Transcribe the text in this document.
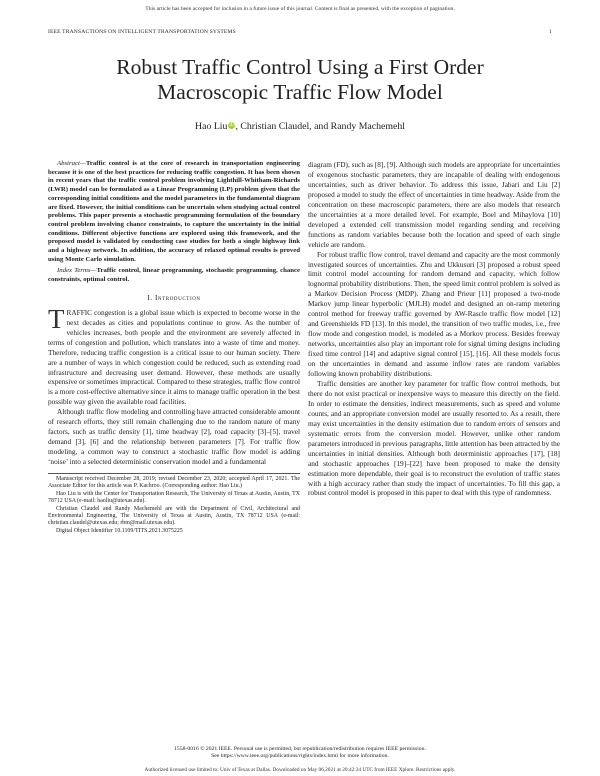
This article has been accepted for inclusion in a future issue of this journal. Content is final as presented, with the exception of pagination.
IEEE TRANSACTIONS ON INTELLIGENT TRANSPORTATION SYSTEMS	1
Robust Traffic Control Using a First Order
Macroscopic Traffic Flow Model
Hao Liu iD, Christian Claudel, and Randy Machemehl

Abstract—Traffic control is at the core of research in transportation engineering because it is one of the best practices for reducing traffic congestion. It has been shown in recent years that the traffic control problem involving Lighthill-Whitham-Richards (LWR) model can be formulated as a Linear Programming (LP) problem given that the corresponding initial conditions and the model parameters in the fundamental diagram are fixed. However, the initial conditions can be uncertain when studying actual control problems. This paper presents a stochastic programming formulation of the boundary control problem involving chance constraints, to capture the uncertainty in the initial conditions. Different objective functions are explored using this framework, and the proposed model is validated by conducting case studies for both a single highway link and a highway network. In addition, the accuracy of relaxed optimal results is proved using Monte Carlo simulation.

Index Terms—Traffic control, linear programming, stochastic programming, chance constraints, optimal control.

I. Introduction

TRAFFIC congestion is a global issue which is expected to become worse in the next decades as cities and populations continue to grow. As the number of vehicles increases, both people and the environment are severely affected in terms of congestion and pollution, which translates into a waste of time and money. Therefore, reducing traffic congestion is a critical issue to our human society. There are a number of ways in which congestion could be reduced, such as extending road infrastructure and decreasing user demand. However, these methods are usually expensive or sometimes impractical. Compared to these strategies, traffic flow control is a more cost-effective alternative since it aims to manage traffic operation in the best possible way given the available road facilities.

Although traffic flow modeling and controlling have attracted considerable amount of research efforts, they still remain challenging due to the random nature of many factors, such as traffic density [1], time headway [2], road capacity [3]–[5], travel demand [3], [6] and the relationship between parameters [7]. For traffic flow modeling, a common way to construct a stochastic traffic flow model is adding ‘noise’ into a selected deterministic conservation model and a fundamental

Manuscript received December 28, 2019; revised December 23, 2020; accepted April 17, 2021. The Associate Editor for this article was P. Kachroo. (Corresponding author: Hao Liu.)

Hao Liu is with the Center for Transportation Research, The University of Texas at Austin, Austin, TX 78712 USA (e-mail: haoliu@utexas.edu).

Christian Claudel and Randy Machemehl are with the Department of Civil, Architectural and Environmental Engineering, The University of Texas at Austin, Austin, TX 78712 USA (e-mail: christian.claudel@utexas.edu; rbm@mail.utexas.edu).

Digital Object Identifier 10.1109/TITS.2021.3075225

diagram (FD), such as [8], [9]. Although such models are appropriate for uncertainties of exogenous stochastic parameters, they are incapable of dealing with endogenous uncertainties, such as driver behavior. To address this issue, Jabari and Liu [2] proposed a model to study the effect of uncertainties in time headway. Aside from the concentration on these macroscopic parameters, there are also models that research the uncertainties at a more detailed level. For example, Boel and Mihaylova [10] developed a extended cell transmission model regarding sending and receiving functions as random variables because both the location and speed of each single vehicle are random.

For robust traffic flow control, travel demand and capacity are the most commonly investigated sources of uncertainties. Zhu and Ukkusuri [3] proposed a robust speed limit control model accounting for random demand and capacity, which follow lognormal probability distributions. Then, the speed limit control problem is solved as a Markov Decision Process (MDP). Zhang and Prieur [11] proposed a two-mode Markov jump linear hyperbolic (MJLH) model and designed an on-ramp metering control method for freeway traffic governed by AW-Rascle traffic flow model [12] and Greenshields FD [13]. In this model, the transition of two traffic modes, i.e., free flow mode and congestion model, is modeled as a Morkov process. Besides freeway networks, uncertainties also play an important role for signal timing designs including fixed time control [14] and adaptive signal control [15], [16]. All these models focus on the uncertainties in demand and assume inflow rates are random variables following known probability distributions.

Traffic densities are another key parameter for traffic flow control methods, but there do not exist practical or inexpensive ways to measure this directly on the field. In order to estimate the densities, indirect measurements, such as speed and volume counts, and an appropriate conversion model are usually resorted to. As a result, there may exist uncertainties in the density estimation due to random errors of sensors and systematic errors from the conversion model. However, unlike other random parameters introduced in previous paragraphs, little attention has been attracted by the uncertainties in initial densities. Although both deterministic approaches [17], [18] and stochastic approaches [19]–[22] have been proposed to make the density estimation more dependable, their goal is to reconstruct the evolution of traffic states with a high accuracy rather than study the impact of uncertainties. To fill this gap, a robust control model is proposed in this paper to deal with this type of randomness.

1558-0016 © 2021 IEEE. Personal use is permitted, but republication/redistribution requires IEEE permission.
See https://www.ieee.org/publications/rights/index.html for more information.
Authorized licensed use limited to: Univ of Texas at Dallas. Downloaded on May 06,2021 at 20:42:34 UTC from IEEE Xplore. Restrictions apply.
